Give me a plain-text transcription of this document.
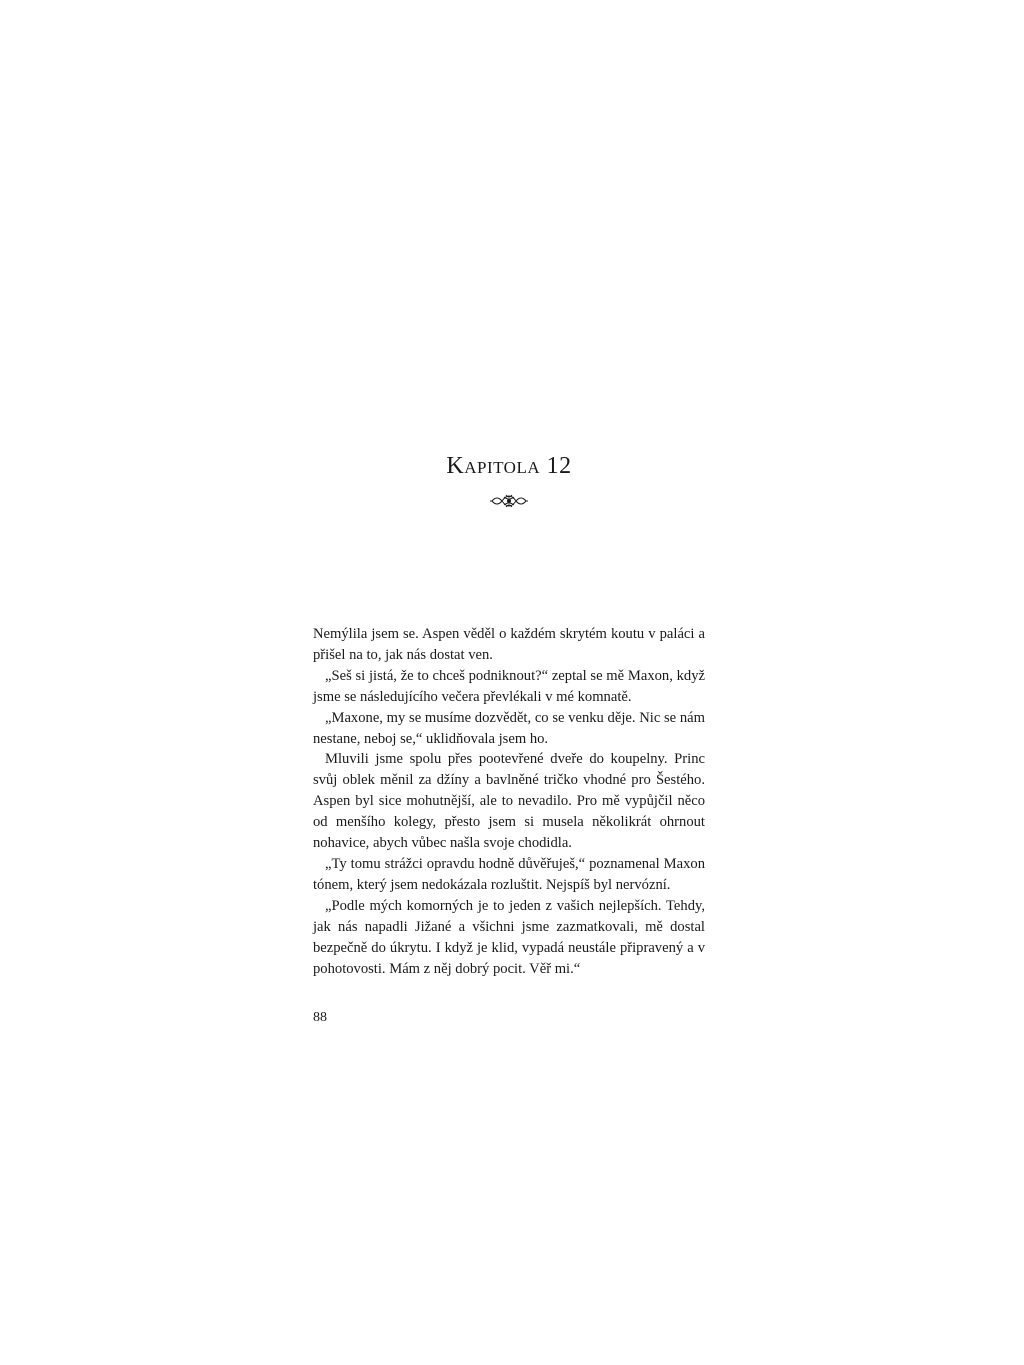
Kapitola 12

Nemýlila jsem se. Aspen věděl o každém skrytém koutu v paláci a přišel na to, jak nás dostat ven.

„Seš si jistá, že to chceš podniknout?“ zeptal se mě Maxon, když jsme se následujícího večera převlékali v mé komnatě.

„Maxone, my se musíme dozvědět, co se venku děje. Nic se nám nestane, neboj se,“ uklidňovala jsem ho.

Mluvili jsme spolu přes pootevřené dveře do koupelny. Princ svůj oblek měnil za džíny a bavlněné tričko vhodné pro Šestého. Aspen byl sice mohutnější, ale to nevadilo. Pro mě vypůjčil něco od menšího kolegy, přesto jsem si musela několikrát ohrnout nohavice, abych vůbec našla svoje chodidla.

„Ty tomu strážci opravdu hodně důvěřuješ,“ poznamenal Maxon tónem, který jsem nedokázala rozluštit. Nejspíš byl nervózní.

„Podle mých komorných je to jeden z vašich nejlepších. Tehdy, jak nás napadli Jižané a všichni jsme zazmatkovali, mě dostal bezpečně do úkrytu. I když je klid, vypadá neustále připravený a v pohotovosti. Mám z něj dobrý pocit. Věř mi.“

88
